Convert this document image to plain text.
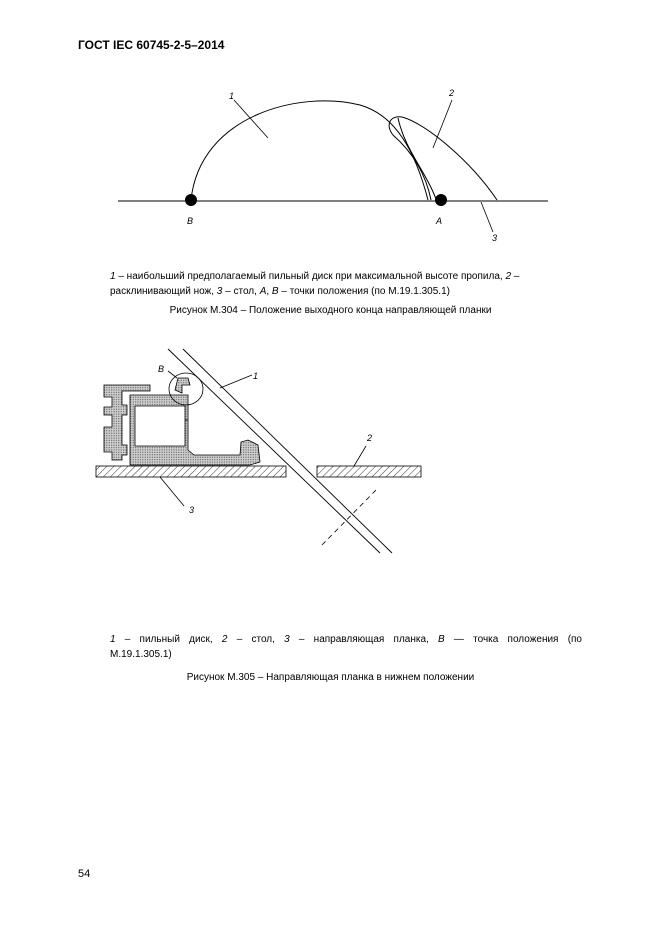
ГОСТ IEC 60745-2-5–2014
1	2
3
B	A
1 – наибольший предполагаемый пильный диск при максимальной высоте пропила, 2 – расклинивающий нож, 3 – стол, А, В – точки положения (по М.19.1.305.1)
Рисунок М.304 – Положение выходного конца направляющей планки
B
1
2
3
1 – пильный диск, 2 – стол, 3 – направляющая планка, В — точка положения (по М.19.1.305.1)
Рисунок М.305 – Направляющая планка в нижнем положении
54
